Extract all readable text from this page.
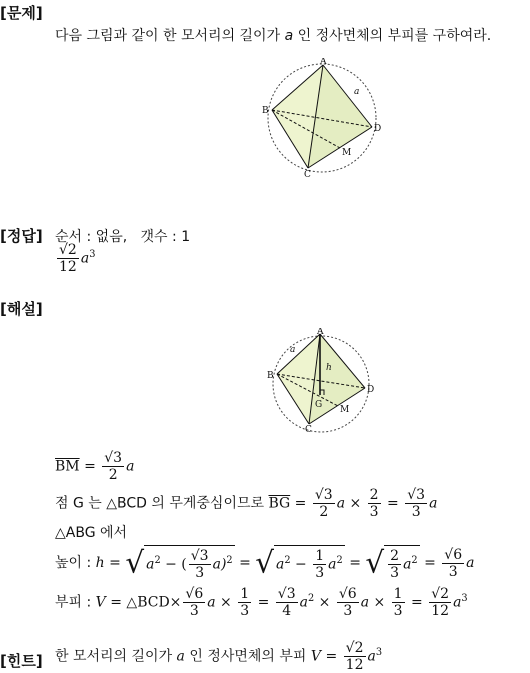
[문제]
다음 그림과 같이 한 모서리의 길이가 a 인 정사면체의 부피를 구하여라.
A
B
C
D
M
a
[정답] 순서 : 없음, 갯수 : 1
$\frac{√2}{12} a^3$
[해설]
A
B
C
D
M
G
h
a
$\overline{BM} = \frac{√3}{2}$ a
점 G 는 △BCD 의 무게중심이므로 $\overline{BG} = \frac{√3}{2}$ $a \times \frac{2}{3} = \frac{√3}{3}$ a
△ABG 에서
높이 : h = √ $a^2$ − ( $\frac{√3}{3} a)^2$ = √ $a^2 - \frac{1}{3} a^2$ = √ $\frac{2}{3} a^2 = \frac{√6}{3}$ a
부피 : V = △BCD× $\frac{√6}{3}$ $a \times \frac{1}{3} = \frac{√3}{4} a^2 \times \frac{√6}{3}$ $a \times \frac{1}{3} = \frac{√2}{12} a^3$
[힌트] 한 모서리의 길이가 a 인 정사면체의 부피 $V = \frac{√2}{12} a^3$
